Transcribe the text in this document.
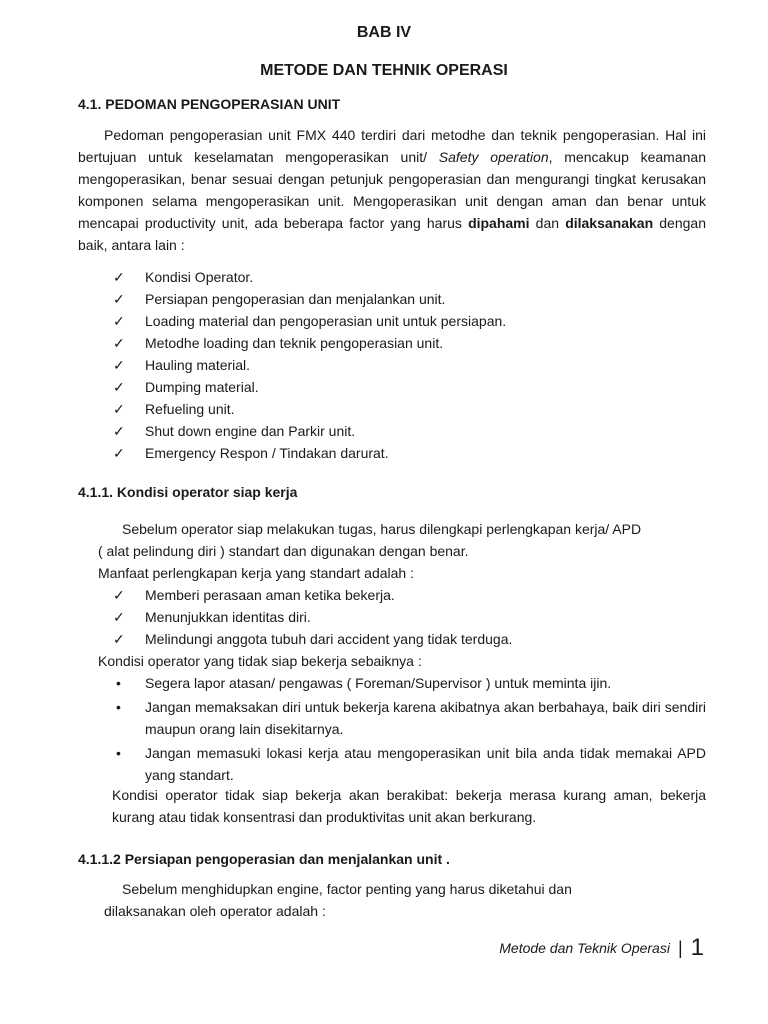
BAB IV
METODE DAN TEHNIK OPERASI
4.1. PEDOMAN PENGOPERASIAN UNIT

Pedoman pengoperasian unit FMX 440 terdiri dari metodhe dan teknik pengoperasian. Hal ini bertujuan untuk keselamatan mengoperasikan unit/ Safety operation, mencakup keamanan mengoperasikan, benar sesuai dengan petunjuk pengoperasian dan mengurangi tingkat kerusakan komponen selama mengoperasikan unit. Mengoperasikan unit dengan aman dan benar untuk mencapai productivity unit, ada beberapa factor yang harus dipahami dan dilaksanakan dengan baik, antara lain :

✓ Kondisi Operator.
✓ Persiapan pengoperasian dan menjalankan unit.
✓ Loading material dan pengoperasian unit untuk persiapan.
✓ Metodhe loading dan teknik pengoperasian unit.
✓ Hauling material.
✓ Dumping material.
✓ Refueling unit.
✓ Shut down engine dan Parkir unit.
✓ Emergency Respon / Tindakan darurat.
4.1.1. Kondisi operator siap kerja
Sebelum operator siap melakukan tugas, harus dilengkapi perlengkapan kerja/ APD
( alat pelindung diri ) standart dan digunakan dengan benar.
Manfaat perlengkapan kerja yang standart adalah :
✓ Memberi perasaan aman ketika bekerja.
✓ Menunjukkan identitas diri.
✓ Melindungi anggota tubuh dari accident yang tidak terduga.
Kondisi operator yang tidak siap bekerja sebaiknya :
• Segera lapor atasan/ pengawas ( Foreman/Supervisor ) untuk meminta ijin.
• Jangan memaksakan diri untuk bekerja karena akibatnya akan berbahaya, baik diri sendiri maupun orang lain disekitarnya.
• Jangan memasuki lokasi kerja atau mengoperasikan unit bila anda tidak memakai APD yang standart.

Kondisi operator tidak siap bekerja akan berakibat: bekerja merasa kurang aman, bekerja kurang atau tidak konsentrasi dan produktivitas unit akan berkurang.

4.1.1.2 Persiapan pengoperasian dan menjalankan unit .
Sebelum menghidupkan engine, factor penting yang harus diketahui dan
dilaksanakan oleh operator adalah :
Metode dan Teknik Operasi | 1
